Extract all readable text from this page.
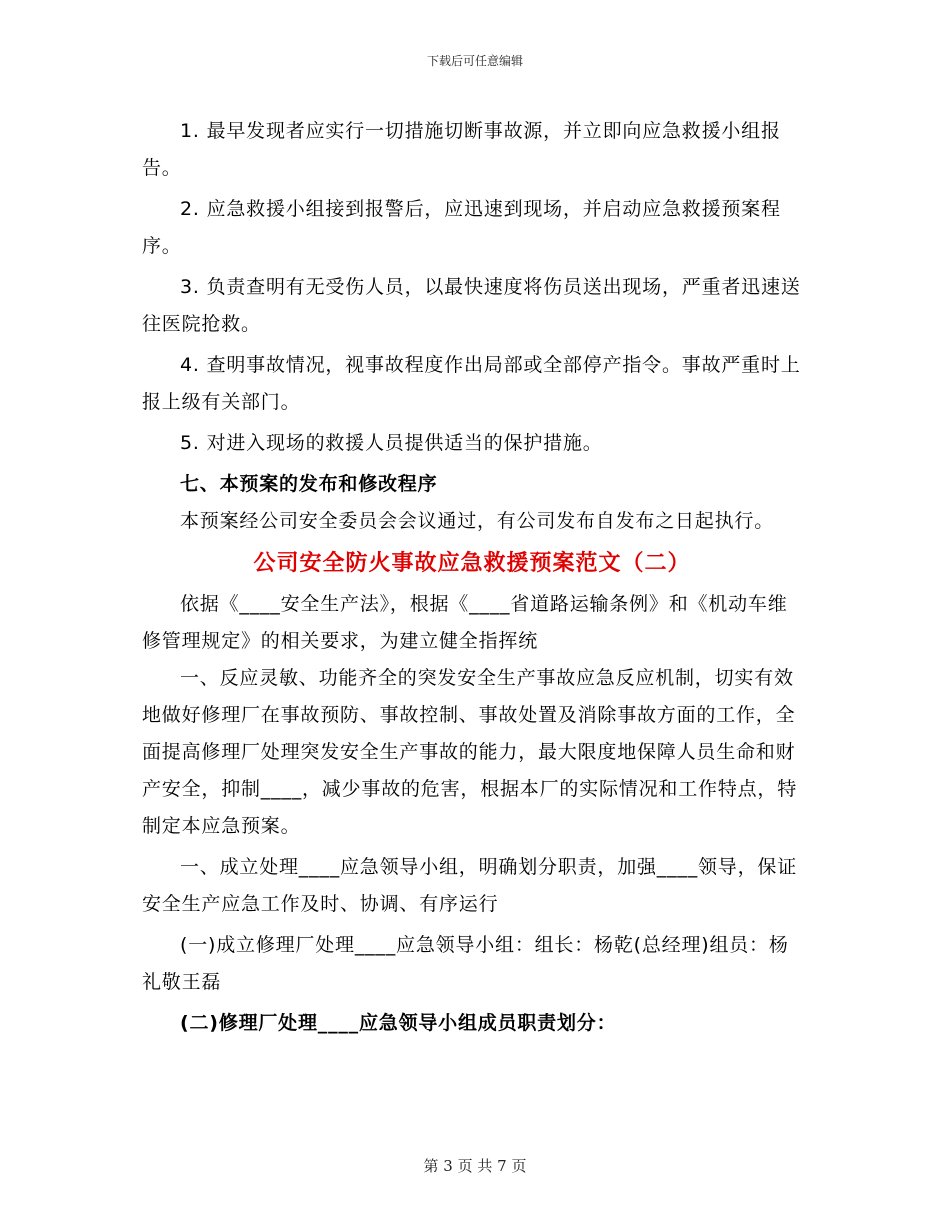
下载后可任意编辑

1. 最早发现者应实行一切措施切断事故源，并立即向应急救援小组报告。

2. 应急救援小组接到报警后，应迅速到现场，并启动应急救援预案程序。

3. 负责查明有无受伤人员，以最快速度将伤员送出现场，严重者迅速送往医院抢救。

4. 查明事故情况，视事故程度作出局部或全部停产指令。事故严重时上报上级有关部门。

5. 对进入现场的救援人员提供适当的保护措施。

七、本预案的发布和修改程序

本预案经公司安全委员会会议通过，有公司发布自发布之日起执行。

公司安全防火事故应急救援预案范文（二）

依据《____安全生产法》，根据《____省道路运输条例》和《机动车维修管理规定》的相关要求，为建立健全指挥统

一、反应灵敏、功能齐全的突发安全生产事故应急反应机制，切实有效地做好修理厂在事故预防、事故控制、事故处置及消除事故方面的工作，全面提高修理厂处理突发安全生产事故的能力，最大限度地保障人员生命和财产安全，抑制____，减少事故的危害，根据本厂的实际情况和工作特点，特制定本应急预案。

一、成立处理____应急领导小组，明确划分职责，加强____领导，保证安全生产应急工作及时、协调、有序运行

(一)成立修理厂处理____应急领导小组：组长：杨乾(总经理)组员：杨礼敬王磊

(二)修理厂处理____应急领导小组成员职责划分：

第 3 页 共 7 页
